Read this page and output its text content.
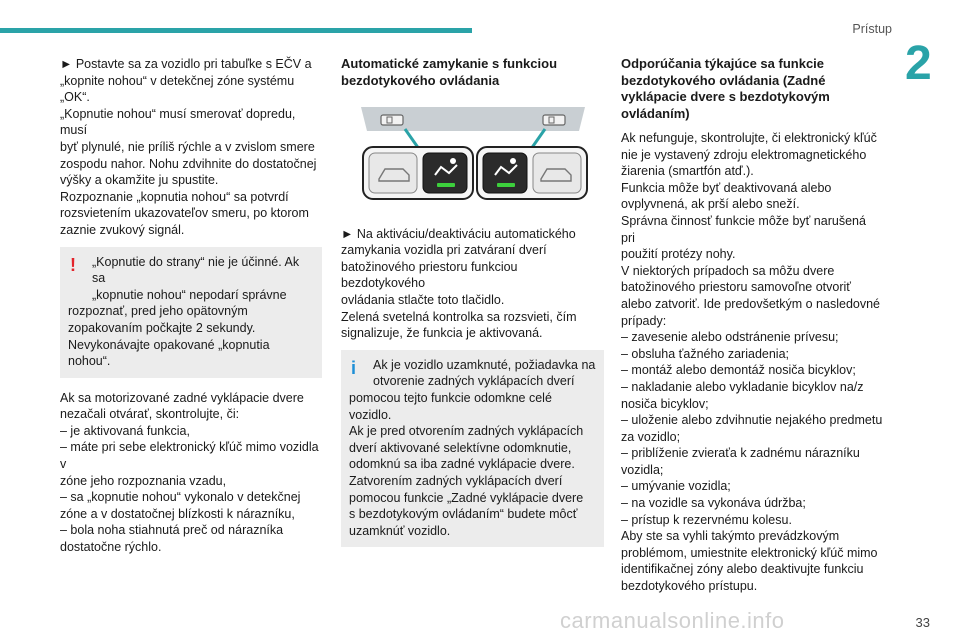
Prístup
2

► Postavte sa za vozidlo pri tabuľke s EČV a

„kopnite nohou“ v detekčnej zóne systému „OK“.

„Kopnutie nohou“ musí smerovať dopredu, musí

byť plynulé, nie príliš rýchle a v zvislom smere

zospodu nahor. Nohu zdvihnite do dostatočnej

výšky a okamžite ju spustite.

Rozpoznanie „kopnutia nohou“ sa potvrdí

rozsvietením ukazovateľov smeru, po ktorom

zaznie zvukový signál.

!	„Kopnutie do strany“ nie je účinné. Ak sa

„kopnutie nohou“ nepodarí správne

rozpoznať, pred jeho opätovným

zopakovaním počkajte 2 sekundy.

Nevykonávajte opakované „kopnutia nohou“.

Ak sa motorizované zadné vyklápacie dvere

nezačali otvárať, skontrolujte, či:

– je aktivovaná funkcia,

– máte pri sebe elektronický kľúč mimo vozidla v

zóne jeho rozpoznania vzadu,

– sa „kopnutie nohou“ vykonalo v detekčnej

zóne a v dostatočnej blízkosti k nárazníku,

– bola noha stiahnutá preč od nárazníka

dostatočne rýchlo.

Automatické zamykanie s funkciou
bezdotykového ovládania

► Na aktiváciu/deaktiváciu automatického

zamykania vozidla pri zatváraní dverí

batožinového priestoru funkciou bezdotykového

ovládania stlačte toto tlačidlo.

Zelená svetelná kontrolka sa rozsvieti, čím

signalizuje, že funkcia je aktivovaná.

i	Ak je vozidlo uzamknuté, požiadavka na

otvorenie zadných vyklápacích dverí

pomocou tejto funkcie odomkne celé vozidlo.

Ak je pred otvorením zadných vyklápacích

dverí aktivované selektívne odomknutie,

odomknú sa iba zadné vyklápacie dvere.

Zatvorením zadných vyklápacích dverí

pomocou funkcie „Zadné vyklápacie dvere

s bezdotykovým ovládaním“ budete môcť

uzamknúť vozidlo.

Odporúčania týkajúce sa funkcie
bezdotykového ovládania (Zadné
vyklápacie dvere s bezdotykovým
ovládaním)

Ak nefunguje, skontrolujte, či elektronický kľúč

nie je vystavený zdroju elektromagnetického

žiarenia (smartfón atď.).

Funkcia môže byť deaktivovaná alebo

ovplyvnená, ak prší alebo sneží.

Správna činnosť funkcie môže byť narušená pri

použití protézy nohy.

V niektorých prípadoch sa môžu dvere

batožinového priestoru samovoľne otvoriť

alebo zatvoriť. Ide predovšetkým o nasledovné

prípady:

– zavesenie alebo odstránenie prívesu;

– obsluha ťažného zariadenia;

– montáž alebo demontáž nosiča bicyklov;

– nakladanie alebo vykladanie bicyklov na/z

nosiča bicyklov;

– uloženie alebo zdvihnutie nejakého predmetu

za vozidlo;

– priblíženie zvieraťa k zadnému nárazníku

vozidla;

– umývanie vozidla;

– na vozidle sa vykonáva údržba;

– prístup k rezervnému kolesu.

Aby ste sa vyhli takýmto prevádzkovým

problémom, umiestnite elektronický kľúč mimo

identifikačnej zóny alebo deaktivujte funkciu

bezdotykového prístupu.

carmanualsonline.info	33
